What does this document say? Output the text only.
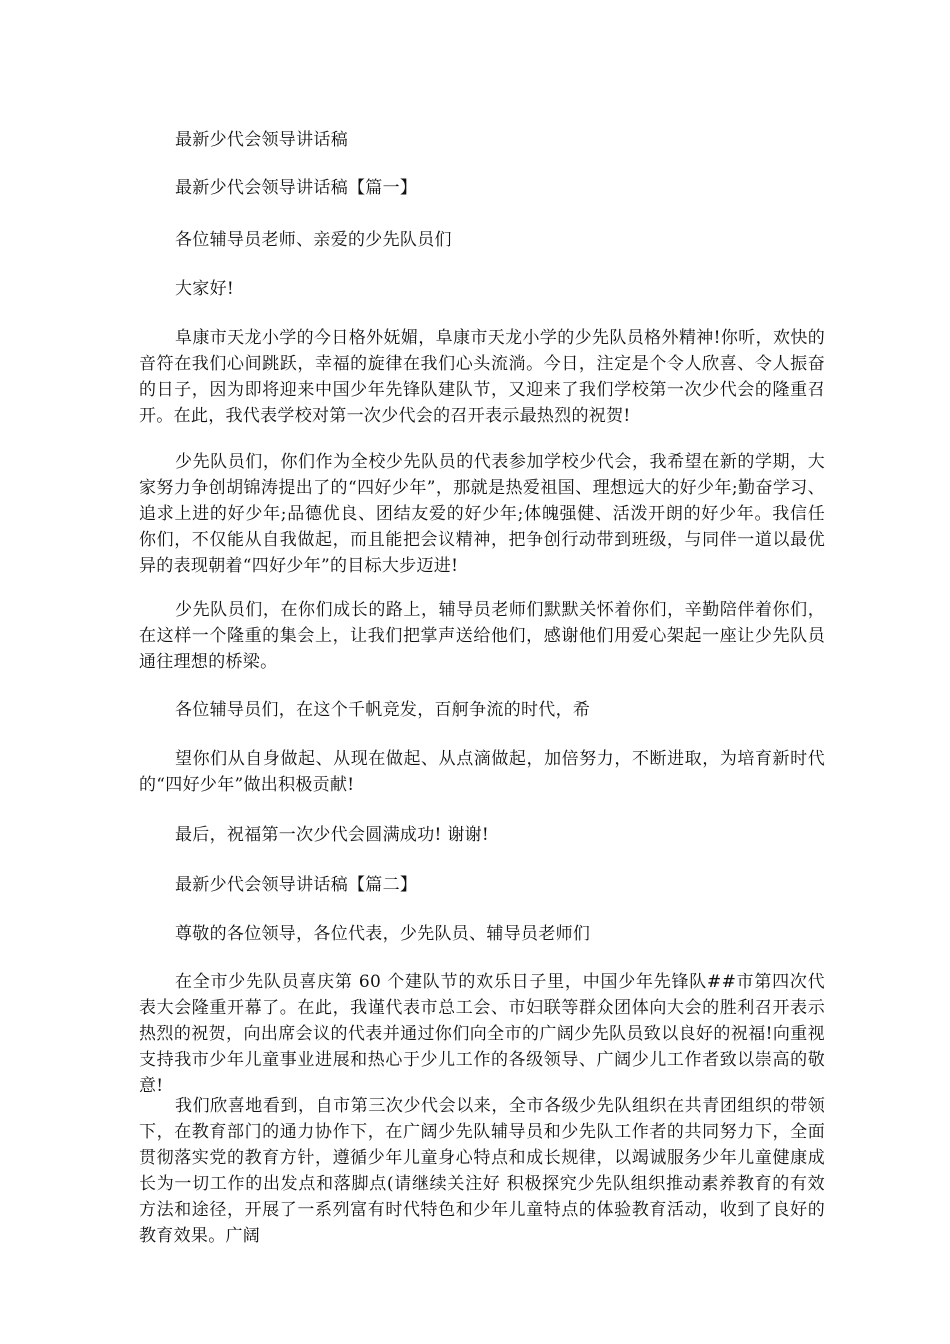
最新少代会领导讲话稿

最新少代会领导讲话稿【篇一】

各位辅导员老师、亲爱的少先队员们

大家好!

阜康市天龙小学的今日格外妩媚，阜康市天龙小学的少先队员格外精神!你听，欢快的音符在我们心间跳跃，幸福的旋律在我们心头流淌。今日，注定是个令人欣喜、令人振奋的日子，因为即将迎来中国少年先锋队建队节，又迎来了我们学校第一次少代会的隆重召开。在此，我代表学校对第一次少代会的召开表示最热烈的祝贺!

少先队员们，你们作为全校少先队员的代表参加学校少代会，我希望在新的学期，大家努力争创胡锦涛提出了的“四好少年”，那就是热爱祖国、理想远大的好少年;勤奋学习、追求上进的好少年;品德优良、团结友爱的好少年;体魄强健、活泼开朗的好少年。我信任你们，不仅能从自我做起，而且能把会议精神，把争创行动带到班级，与同伴一道以最优异的表现朝着“四好少年”的目标大步迈进!

少先队员们，在你们成长的路上，辅导员老师们默默关怀着你们，辛勤陪伴着你们，在这样一个隆重的集会上，让我们把掌声送给他们，感谢他们用爱心架起一座让少先队员通往理想的桥梁。

各位辅导员们，在这个千帆竞发，百舸争流的时代，希

望你们从自身做起、从现在做起、从点滴做起，加倍努力，不断进取，为培育新时代的“四好少年”做出积极贡献!

最后，祝福第一次少代会圆满成功! 谢谢!

最新少代会领导讲话稿【篇二】

尊敬的各位领导，各位代表，少先队员、辅导员老师们

在全市少先队员喜庆第 60 个建队节的欢乐日子里，中国少年先锋队##市第四次代表大会隆重开幕了。在此，我谨代表市总工会、市妇联等群众团体向大会的胜利召开表示热烈的祝贺，向出席会议的代表并通过你们向全市的广阔少先队员致以良好的祝福!向重视支持我市少年儿童事业进展和热心于少儿工作的各级领导、广阔少儿工作者致以崇高的敬意!

我们欣喜地看到，自市第三次少代会以来，全市各级少先队组织在共青团组织的带领下，在教育部门的通力协作下，在广阔少先队辅导员和少先队工作者的共同努力下，全面贯彻落实党的教育方针，遵循少年儿童身心特点和成长规律，以竭诚服务少年儿童健康成长为一切工作的出发点和落脚点(请继续关注好 积极探究少先队组织推动素养教育的有效方法和途径，开展了一系列富有时代特色和少年儿童特点的体验教育活动，收到了良好的教育效果。广阔
